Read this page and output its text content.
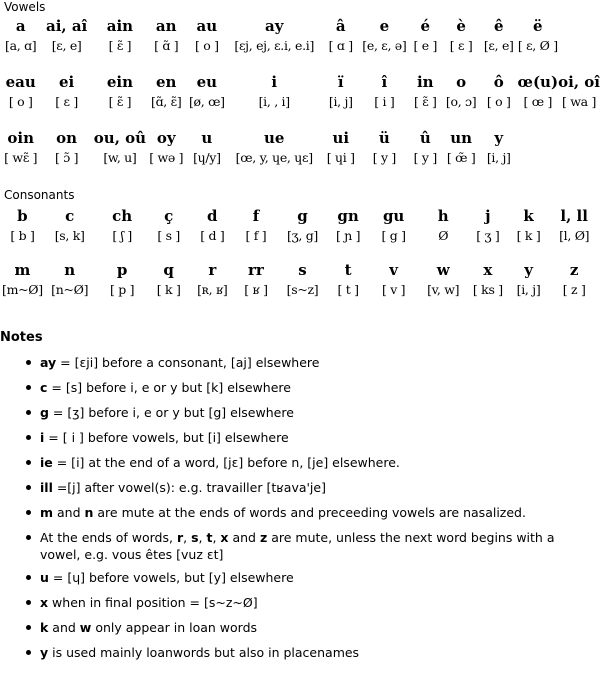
Vowels
a	ai, aî	ain	an	au	ay	â	e	é	è	ê	ë	
[a, ɑ]	[ɛ, e]	[ ɛ̃ ]	[ ɑ̃ ]	[ o ]	[ɛj, ej, ɛ.i, e.i]	[ ɑ ]	[e, ɛ, ə]	[ e ]	[ ɛ ]	[ɛ, e]	[ ɛ, Ø ]	
eau	ei	ein	en	eu	i	ï	î	in	o	ô	œ(u)	oi, oî
[ o ]	[ ɛ ]	[ ɛ̃ ]	[ɑ̃, ɛ̃]	[ø, œ]	[i, , i]	[i, j]	[ i ]	[ ɛ̃ ]	[o, ɔ]	[ o ]	[ œ ]	[ wa ]
oin	on	ou, oû	oy	u	ue	ui	ü	û	un	y		
[ wɛ̃ ]	[ ɔ̃ ]	[w, u]	[ wə ]	[ɥ/y]	[œ, y, ɥe, ɥɛ]	[ ɥi ]	[ y ]	[ y ]	[ œ̃ ]	[i, j]		
Consonants
b	c	ch	ç	d	f	g	gn	gu	h	j	k	l, ll
[ b ]	[s, k]	[ ʃ ]	[ s ]	[ d ]	[ f ]	[ʒ, g]	[ ɲ ]	[ g ]	Ø	[ ʒ ]	[ k ]	[l, Ø]
m	n	p	q	r	rr	s	t	v	w	x	y	z
[m~Ø]	[n~Ø]	[ p ]	[ k ]	[ʀ, ʁ]	[ ʁ ]	[s~z]	[ t ]	[ v ]	[v, w]	[ ks ]	[i, j]	[ z ]
Notes
ay = [ɛji] before a consonant, [aj] elsewhere
c = [s] before i, e or y but [k] elsewhere
g = [ʒ] before i, e or y but [g] elsewhere
i = [ i ] before vowels, but [i] elsewhere
ie = [i] at the end of a word, [jɛ] before n, [je] elsewhere.
ill =[j] after vowel(s): e.g. travailler [tʁava'je]
m and n are mute at the ends of words and preceeding vowels are nasalized.
At the ends of words, r, s, t, x and z are mute, unless the next word begins with a vowel, e.g. vous êtes [vuz ɛt]
u = [ɥ] before vowels, but [y] elsewhere
x when in final position = [s~z~Ø]
k and w only appear in loan words
y is used mainly loanwords but also in placenames
